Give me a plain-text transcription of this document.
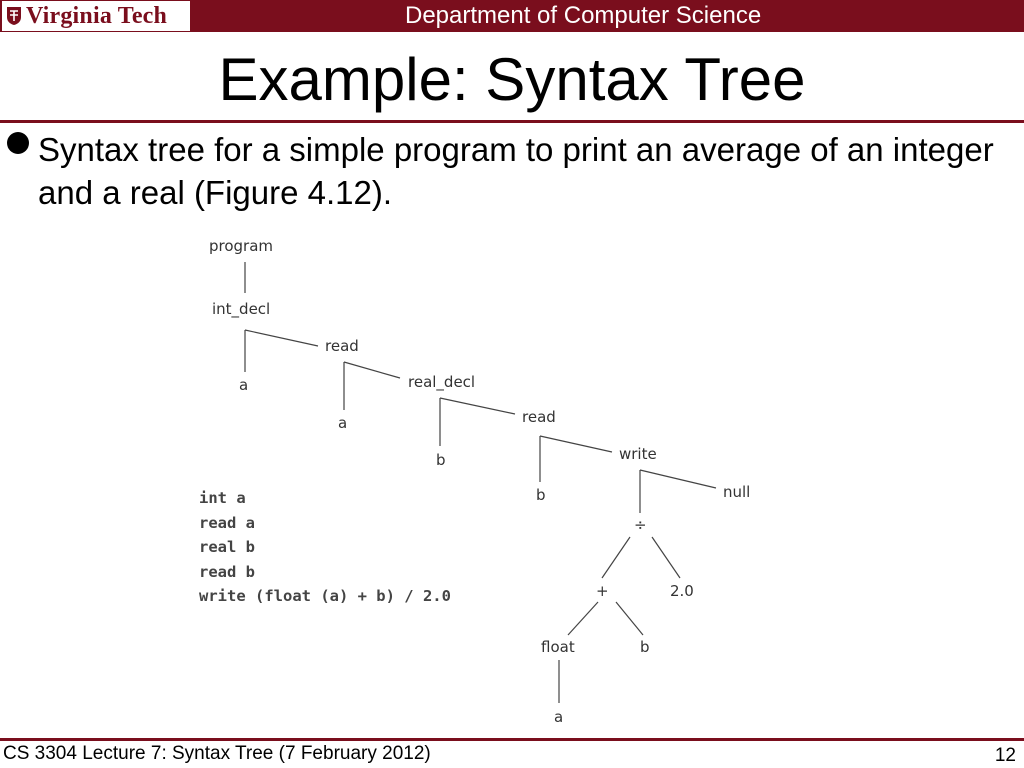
Virginia Tech	Department of Computer Science
Example: Syntax Tree
Syntax tree for a simple program to print an average of an integer and a real (Figure 4.12).
program
int_decl
a
read
a
real_decl
b
read
b
write
null
÷
+	2.0
float	b
a
int a
read a
real b
read b
write (float (a) + b) / 2.0
CS 3304 Lecture 7: Syntax Tree (7 February 2012)	12
